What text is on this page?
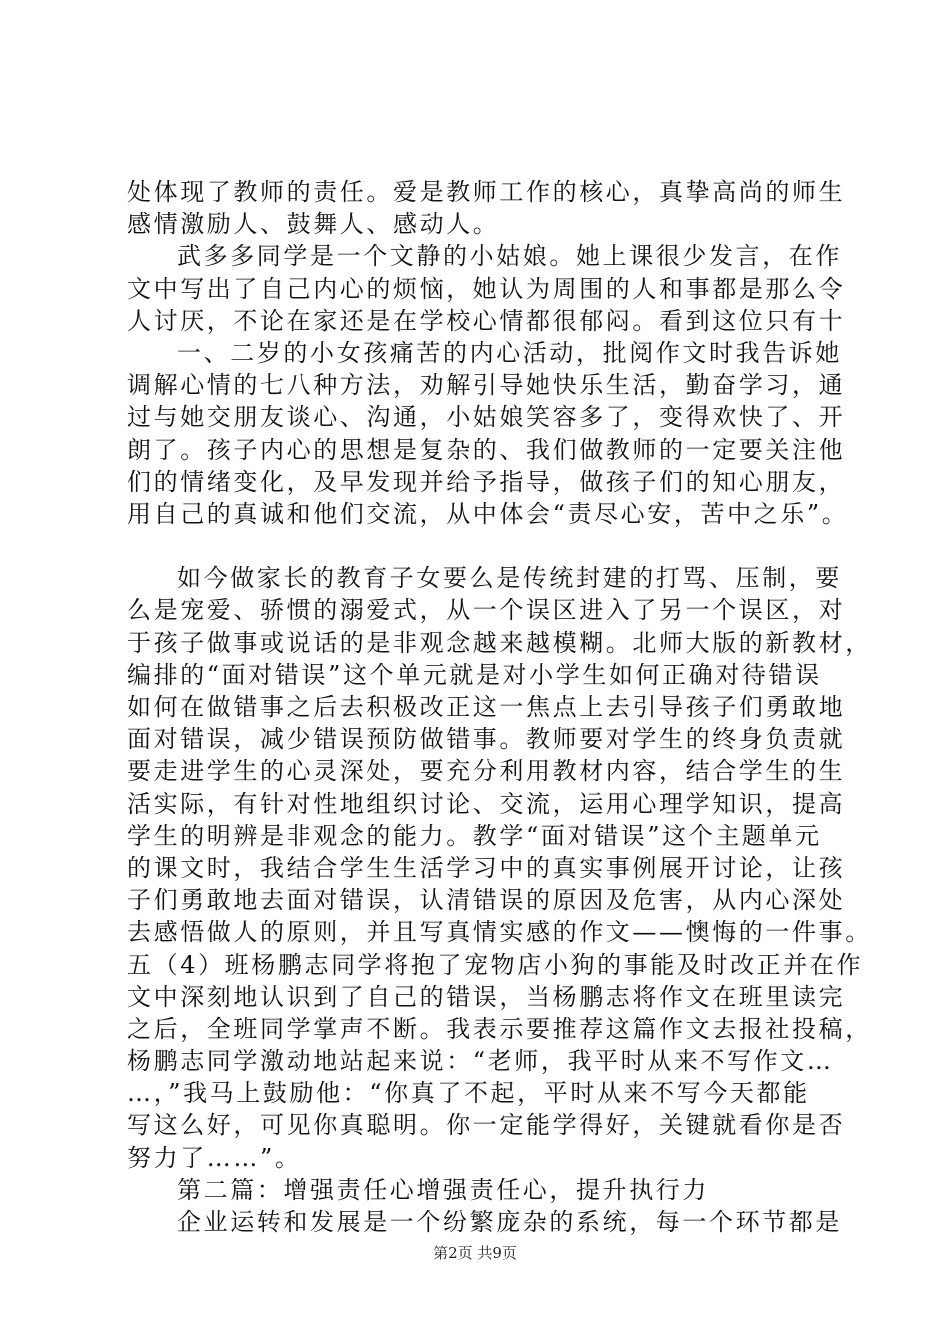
处体现了教师的责任。爱是教师工作的核心，真挚高尚的师生
感情激励人、鼓舞人、感动人。
武多多同学是一个文静的小姑娘。她上课很少发言，在作
文中写出了自己内心的烦恼，她认为周围的人和事都是那么令
人讨厌，不论在家还是在学校心情都很郁闷。看到这位只有十
一、二岁的小女孩痛苦的内心活动，批阅作文时我告诉她
调解心情的七八种方法，劝解引导她快乐生活，勤奋学习，通
过与她交朋友谈心、沟通，小姑娘笑容多了，变得欢快了、开
朗了。孩子内心的思想是复杂的、我们做教师的一定要关注他
们的情绪变化，及早发现并给予指导，做孩子们的知心朋友，
用自己的真诚和他们交流，从中体会“责尽心安，苦中之乐”。
如今做家长的教育子女要么是传统封建的打骂、压制，要
么是宠爱、骄惯的溺爱式，从一个误区进入了另一个误区，对
于孩子做事或说话的是非观念越来越模糊。北师大版的新教材，
编排的“面对错误”这个单元就是对小学生如何正确对待错误
如何在做错事之后去积极改正这一焦点上去引导孩子们勇敢地
面对错误，减少错误预防做错事。教师要对学生的终身负责就
要走进学生的心灵深处，要充分利用教材内容，结合学生的生
活实际，有针对性地组织讨论、交流，运用心理学知识，提高
学生的明辨是非观念的能力。教学“面对错误”这个主题单元
的课文时，我结合学生生活学习中的真实事例展开讨论，让孩
子们勇敢地去面对错误，认清错误的原因及危害，从内心深处
去感悟做人的原则，并且写真情实感的作文——懊悔的一件事。
五（4）班杨鹏志同学将抱了宠物店小狗的事能及时改正并在作
文中深刻地认识到了自己的错误，当杨鹏志将作文在班里读完
之后，全班同学掌声不断。我表示要推荐这篇作文去报社投稿，
杨鹏志同学激动地站起来说：“老师，我平时从来不写作文…
…，”我马上鼓励他：“你真了不起，平时从来不写今天都能
写这么好，可见你真聪明。你一定能学得好，关键就看你是否
努力了……”。
第二篇：增强责任心增强责任心，提升执行力
企业运转和发展是一个纷繁庞杂的系统，每一个环节都是
第2页 共9页
